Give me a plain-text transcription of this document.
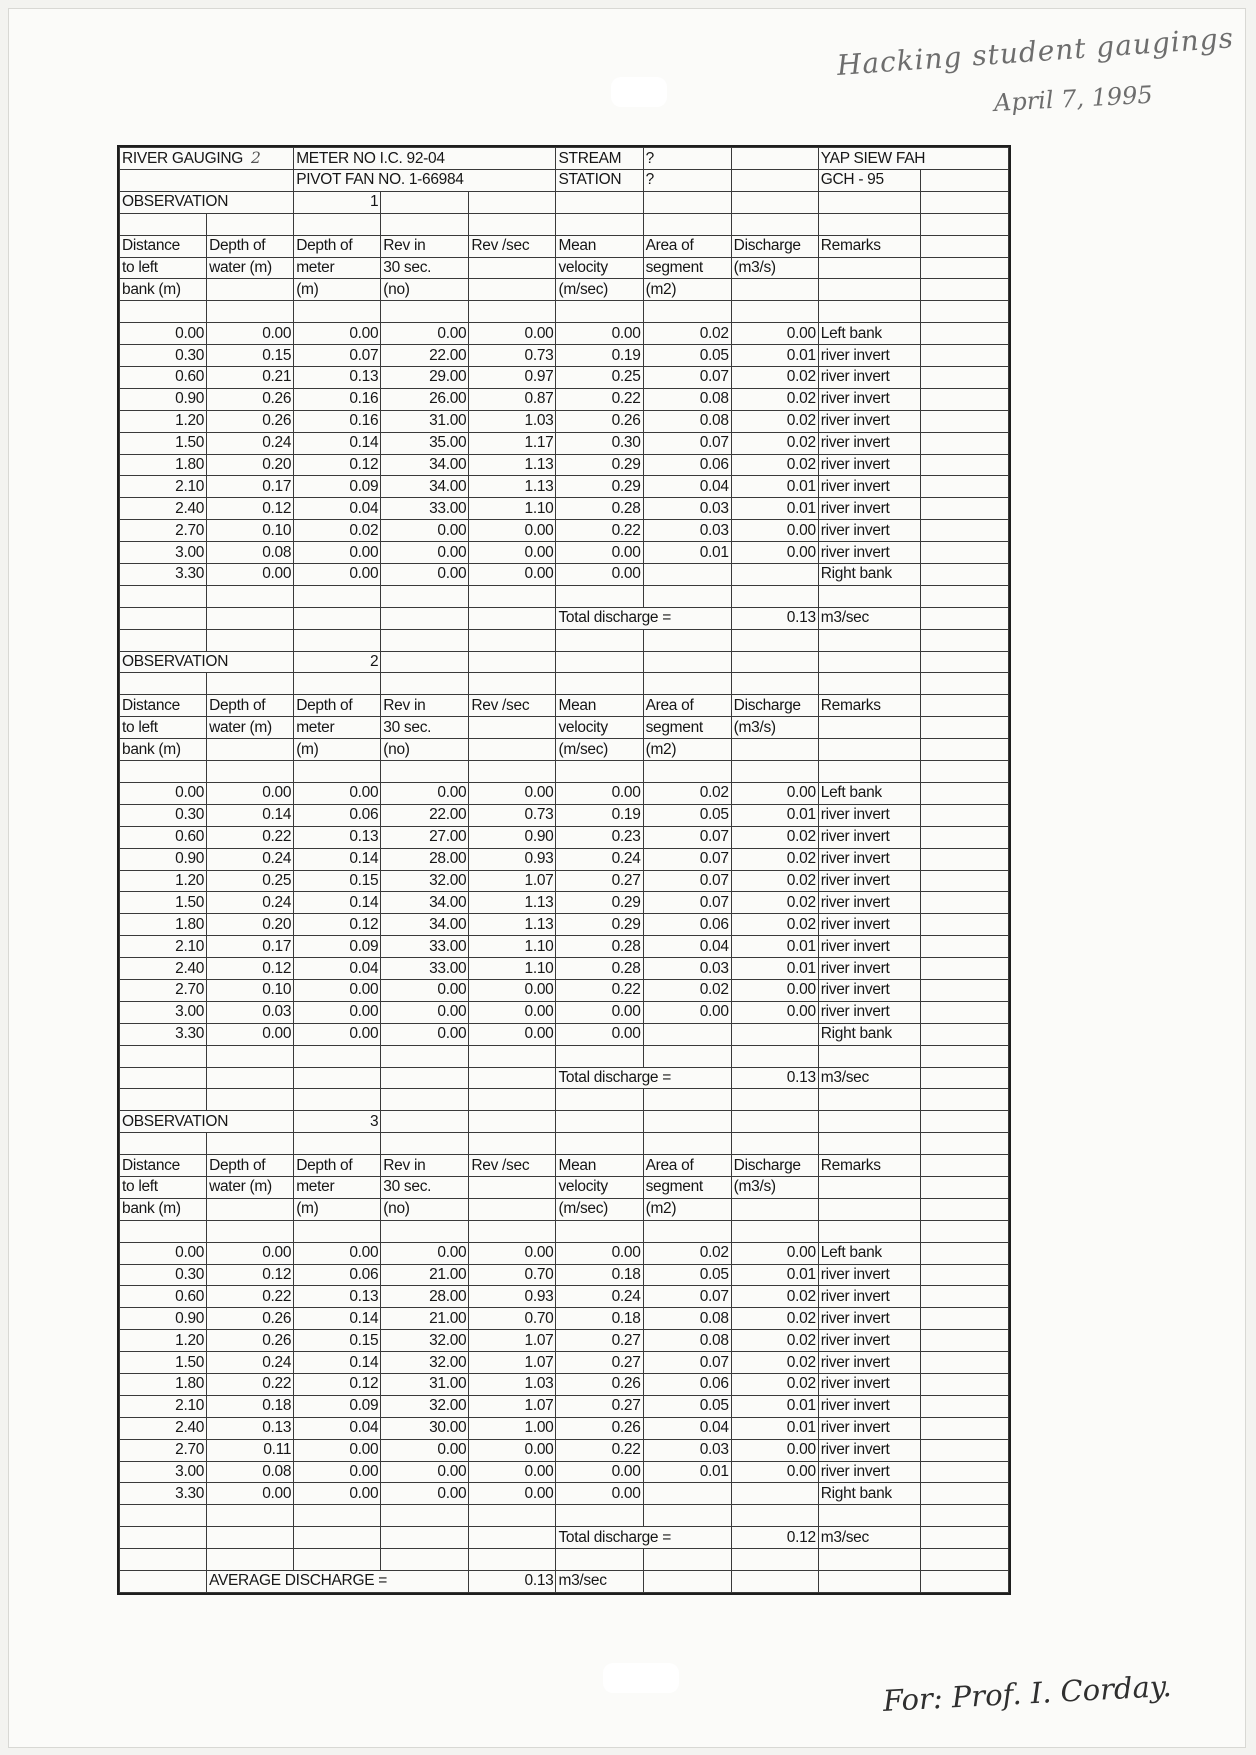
Hacking student gaugings
April 7, 1995
For: Prof. I. Corday.
RIVER GAUGING 2		METER NO I.C. 92-04			STREAM	?		YAP SIEW FAH	
		PIVOT FAN NO. 1-66984			STATION	?		GCH - 95	
OBSERVATION		1							

Distance	Depth of	Depth of	Rev in	Rev /sec	Mean	Area of	Discharge	Remarks	
to left	water (m)	meter	30 sec.		velocity	segment	(m3/s)		
bank (m)		(m)	(no)		(m/sec)	(m2)			

0.00	0.00	0.00	0.00	0.00	0.00	0.02	0.00	Left bank	
0.30	0.15	0.07	22.00	0.73	0.19	0.05	0.01	river invert	
0.60	0.21	0.13	29.00	0.97	0.25	0.07	0.02	river invert	
0.90	0.26	0.16	26.00	0.87	0.22	0.08	0.02	river invert	
1.20	0.26	0.16	31.00	1.03	0.26	0.08	0.02	river invert	
1.50	0.24	0.14	35.00	1.17	0.30	0.07	0.02	river invert	
1.80	0.20	0.12	34.00	1.13	0.29	0.06	0.02	river invert	
2.10	0.17	0.09	34.00	1.13	0.29	0.04	0.01	river invert	
2.40	0.12	0.04	33.00	1.10	0.28	0.03	0.01	river invert	
2.70	0.10	0.02	0.00	0.00	0.22	0.03	0.00	river invert	
3.00	0.08	0.00	0.00	0.00	0.00	0.01	0.00	river invert	
3.30	0.00	0.00	0.00	0.00	0.00			Right bank	

					Total discharge =		0.13	m3/sec	

OBSERVATION		2							

Distance	Depth of	Depth of	Rev in	Rev /sec	Mean	Area of	Discharge	Remarks	
to left	water (m)	meter	30 sec.		velocity	segment	(m3/s)		
bank (m)		(m)	(no)		(m/sec)	(m2)			

0.00	0.00	0.00	0.00	0.00	0.00	0.02	0.00	Left bank	
0.30	0.14	0.06	22.00	0.73	0.19	0.05	0.01	river invert	
0.60	0.22	0.13	27.00	0.90	0.23	0.07	0.02	river invert	
0.90	0.24	0.14	28.00	0.93	0.24	0.07	0.02	river invert	
1.20	0.25	0.15	32.00	1.07	0.27	0.07	0.02	river invert	
1.50	0.24	0.14	34.00	1.13	0.29	0.07	0.02	river invert	
1.80	0.20	0.12	34.00	1.13	0.29	0.06	0.02	river invert	
2.10	0.17	0.09	33.00	1.10	0.28	0.04	0.01	river invert	
2.40	0.12	0.04	33.00	1.10	0.28	0.03	0.01	river invert	
2.70	0.10	0.00	0.00	0.00	0.22	0.02	0.00	river invert	
3.00	0.03	0.00	0.00	0.00	0.00	0.00	0.00	river invert	
3.30	0.00	0.00	0.00	0.00	0.00			Right bank	

					Total discharge =		0.13	m3/sec	

OBSERVATION		3							

Distance	Depth of	Depth of	Rev in	Rev /sec	Mean	Area of	Discharge	Remarks	
to left	water (m)	meter	30 sec.		velocity	segment	(m3/s)		
bank (m)		(m)	(no)		(m/sec)	(m2)			

0.00	0.00	0.00	0.00	0.00	0.00	0.02	0.00	Left bank	
0.30	0.12	0.06	21.00	0.70	0.18	0.05	0.01	river invert	
0.60	0.22	0.13	28.00	0.93	0.24	0.07	0.02	river invert	
0.90	0.26	0.14	21.00	0.70	0.18	0.08	0.02	river invert	
1.20	0.26	0.15	32.00	1.07	0.27	0.08	0.02	river invert	
1.50	0.24	0.14	32.00	1.07	0.27	0.07	0.02	river invert	
1.80	0.22	0.12	31.00	1.03	0.26	0.06	0.02	river invert	
2.10	0.18	0.09	32.00	1.07	0.27	0.05	0.01	river invert	
2.40	0.13	0.04	30.00	1.00	0.26	0.04	0.01	river invert	
2.70	0.11	0.00	0.00	0.00	0.22	0.03	0.00	river invert	
3.00	0.08	0.00	0.00	0.00	0.00	0.01	0.00	river invert	
3.30	0.00	0.00	0.00	0.00	0.00			Right bank	

					Total discharge =		0.12	m3/sec	

	AVERAGE DISCHARGE =			0.13	m3/sec				
